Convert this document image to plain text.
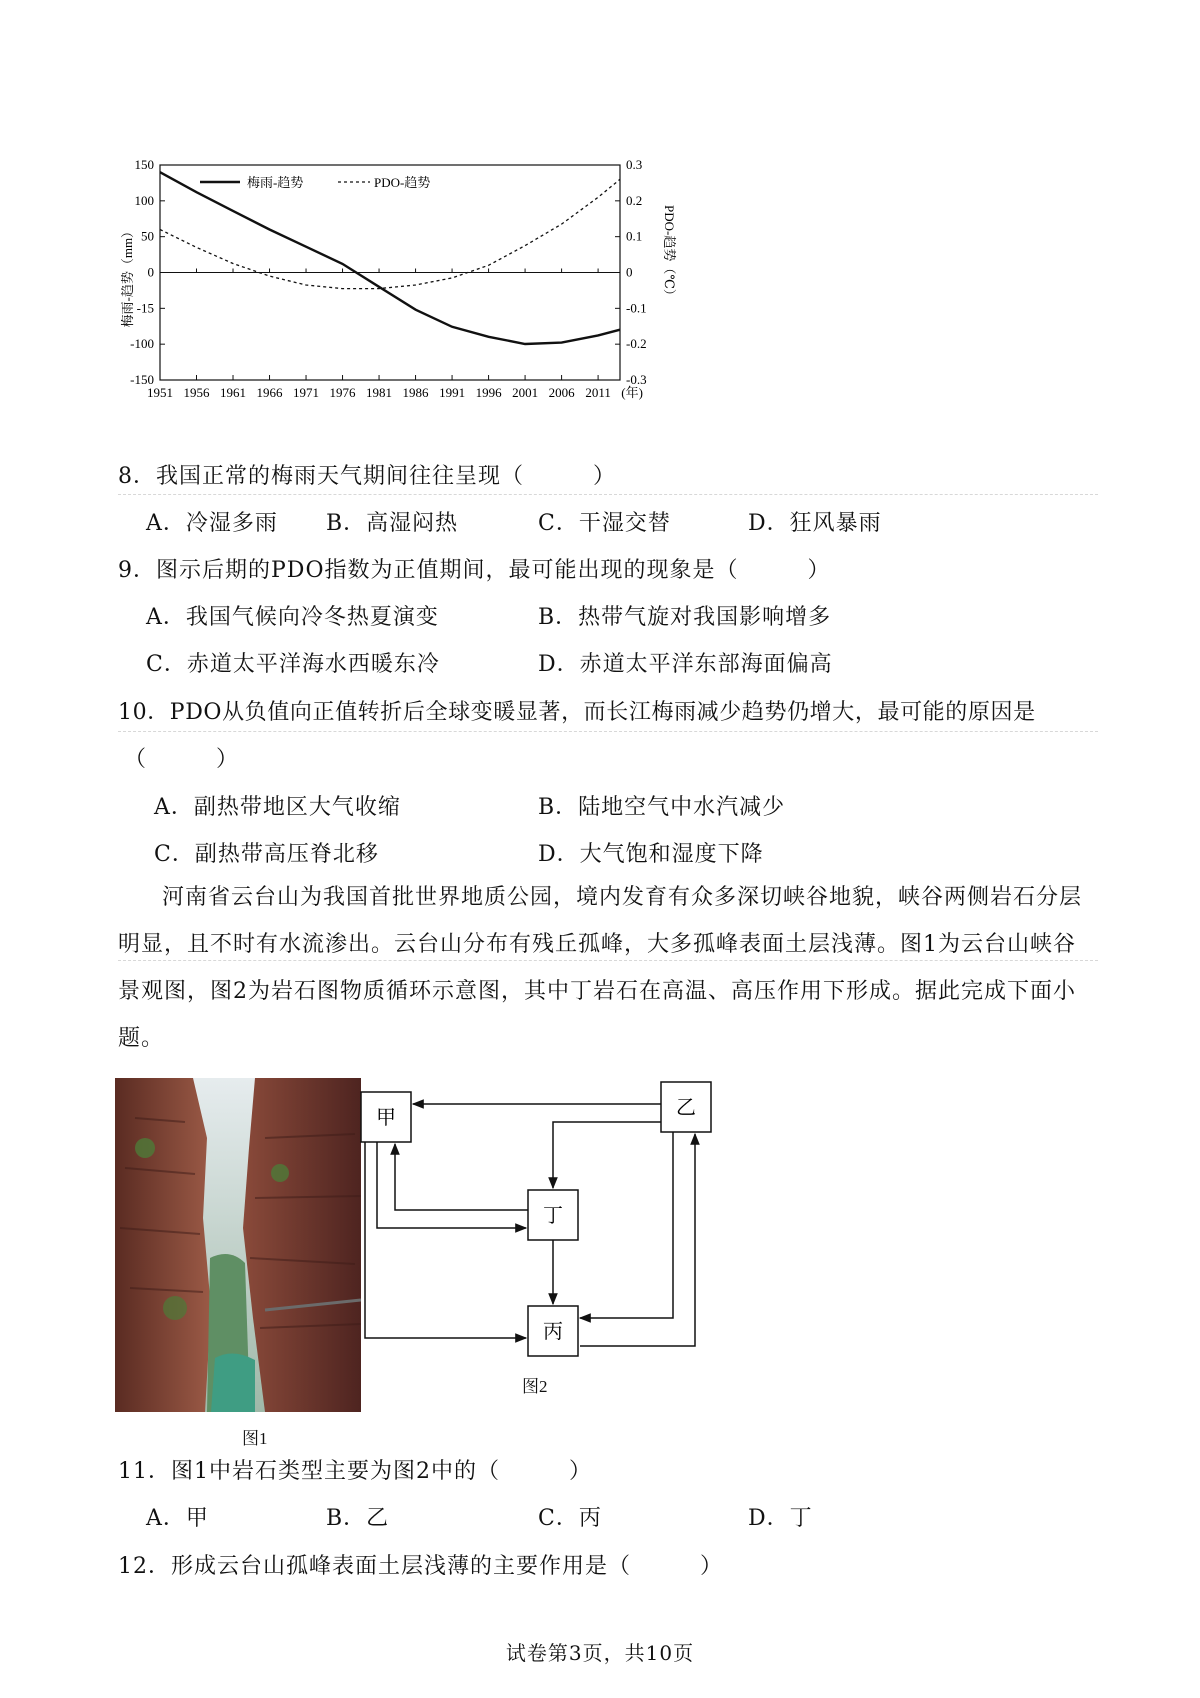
150
100
50
0
-15
-100
-150
0.3
0.2
0.1
0
-0.1
-0.2
-0.3
1951 1956 1961 1966 1971 1976 1981 1986 1991 1996 2001 2006 2011 (年)
梅雨-趋势（mm）	PDO-趋势（℃）
梅雨-趋势	PDO-趋势
8．我国正常的梅雨天气期间往往呈现（　　　）
A．冷湿多雨 B．高湿闷热	C．干湿交替	D．狂风暴雨
9．图示后期的PDO指数为正值期间，最可能出现的现象是（　　　）
A．我国气候向冷冬热夏演变	B．热带气旋对我国影响增多
C．赤道太平洋海水西暖东冷	D．赤道太平洋东部海面偏高
10．PDO从负值向正值转折后全球变暖显著，而长江梅雨减少趋势仍增大，最可能的原因是
（　　　）
A．副热带地区大气收缩	B．陆地空气中水汽减少
C．副热带高压脊北移	D．大气饱和湿度下降
河南省云台山为我国首批世界地质公园，境内发育有众多深切峡谷地貌，峡谷两侧岩石分层明显，且不时有水流渗出。云台山分布有残丘孤峰，大多孤峰表面土层浅薄。图1为云台山峡谷景观图，图2为岩石图物质循环示意图，其中丁岩石在高温、高压作用下形成。据此完成下面小题。
图1
甲	乙
丁
丙
图2
11．图1中岩石类型主要为图2中的（　　　）
A．甲	B．乙	C．丙	D．丁
12．形成云台山孤峰表面土层浅薄的主要作用是（　　　）
试卷第3页，共10页
